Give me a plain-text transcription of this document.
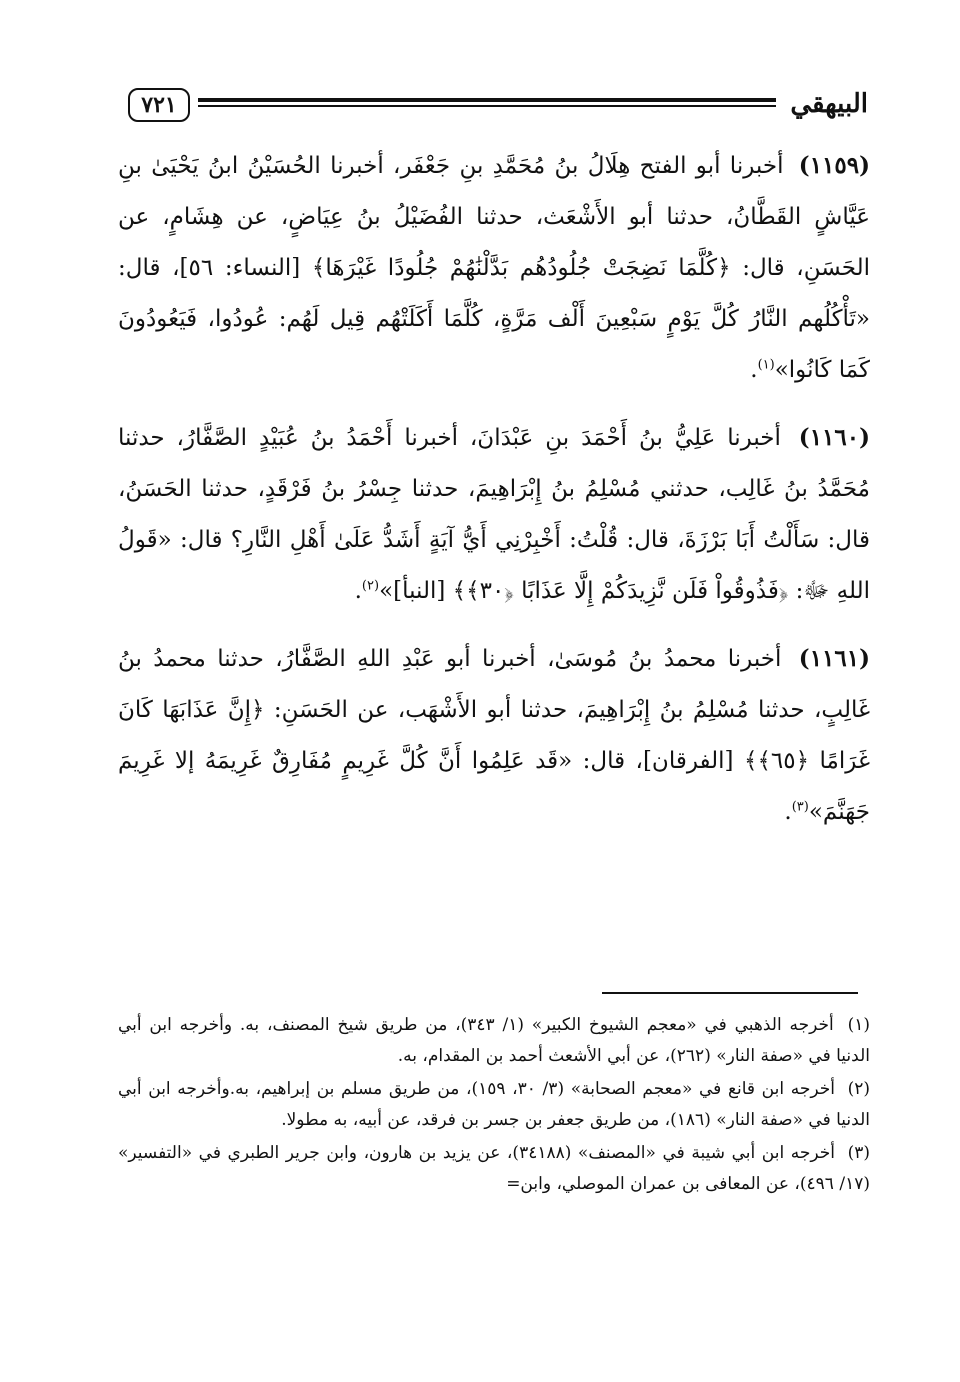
٧٢١	البيهقي

(١١٥٩) أخبرنا أبو الفتح هِلَالُ بنُ مُحَمَّدِ بنِ جَعْفَر، أخبرنا الحُسَيْنُ ابنُ يَحْيَىٰ بنِ عَيَّاشٍ القَطَّانُ، حدثنا أبو الأَشْعَث، حدثنا الفُضَيْلُ بنُ عِيَاضٍ، عن هِشَامٍ، عن الحَسَنِ، قال: ﴿كُلَّمَا نَضِجَتْ جُلُودُهُم بَدَّلْنَٰهُمْ جُلُودًا غَيْرَهَا﴾ [النساء: ٥٦]، قال: «تَأْكُلُهم النَّارُ كُلَّ يَوْمٍ سَبْعِينَ أَلْف مَرَّةٍ، كُلَّمَا أَكَلَتْهُم قِيل لَهُم: عُودُوا، فَيَعُودُونَ كَمَا كَانُوا»$^{(١)}$.

(١١٦٠) أخبرنا عَلِيُّ بنُ أَحْمَدَ بنِ عَبْدَانَ، أخبرنا أَحْمَدُ بنُ عُبَيْدٍ الصَّفَّارُ، حدثنا مُحَمَّدُ بنُ غَالِب، حدثني مُسْلِمُ بنُ إِبْرَاهِيمَ، حدثنا جِسْرُ بنُ فَرْقَدٍ، حدثنا الحَسَنُ، قال: سَأَلْتُ أَبَا بَرْزَةَ، قال: قُلْتُ: أَخْبِرْنِي أَيُّ آيَةٍ أَشَدُّ عَلَىٰ أَهْلِ النَّارِ؟ قال: «قَولُ اللهِ ﷻ: ﴿فَذُوقُواْ فَلَن نَّزِيدَكُمْ إِلَّا عَذَابًا ﴿٣٠﴾﴾ [النبأ]»$^{(٢)}$.

(١١٦١) أخبرنا محمدُ بنُ مُوسَىٰ، أخبرنا أبو عَبْدِ اللهِ الصَّفَّارُ، حدثنا محمدُ بنُ غَالِبٍ، حدثنا مُسْلِمُ بنُ إِبْرَاهِيمَ، حدثنا أبو الأَشْهَب، عن الحَسَنِ: ﴿إِنَّ عَذَابَهَا كَانَ غَرَامًا ﴿٦٥﴾﴾ [الفرقان]، قال: «قَد عَلِمُوا أَنَّ كُلَّ غَرِيمٍ مُفَارِقٌ غَرِيمَهُ إلا غَرِيمَ جَهَنَّمَ»$^{(٣)}$.

(١) أخرجه الذهبي في «معجم الشيوخ الكبير» (١/ ٣٤٣)، من طريق شيخ المصنف، به. وأخرجه ابن أبي الدنيا في «صفة النار» (٢٦٢)، عن أبي الأشعث أحمد بن المقدام، به.

(٢) أخرجه ابن قانع في «معجم الصحابة» (٣/ ٣٠، ١٥٩)، من طريق مسلم بن إبراهيم، به.وأخرجه ابن أبي الدنيا في «صفة النار» (١٨٦)، من طريق جعفر بن جسر بن فرقد، عن أبيه، به مطولا.

(٣) أخرجه ابن أبي شيبة في «المصنف» (٣٤١٨٨)، عن يزيد بن هارون، وابن جرير الطبري في «التفسير» (١٧/ ٤٩٦)، عن المعافى بن عمران الموصلي، وابن=
